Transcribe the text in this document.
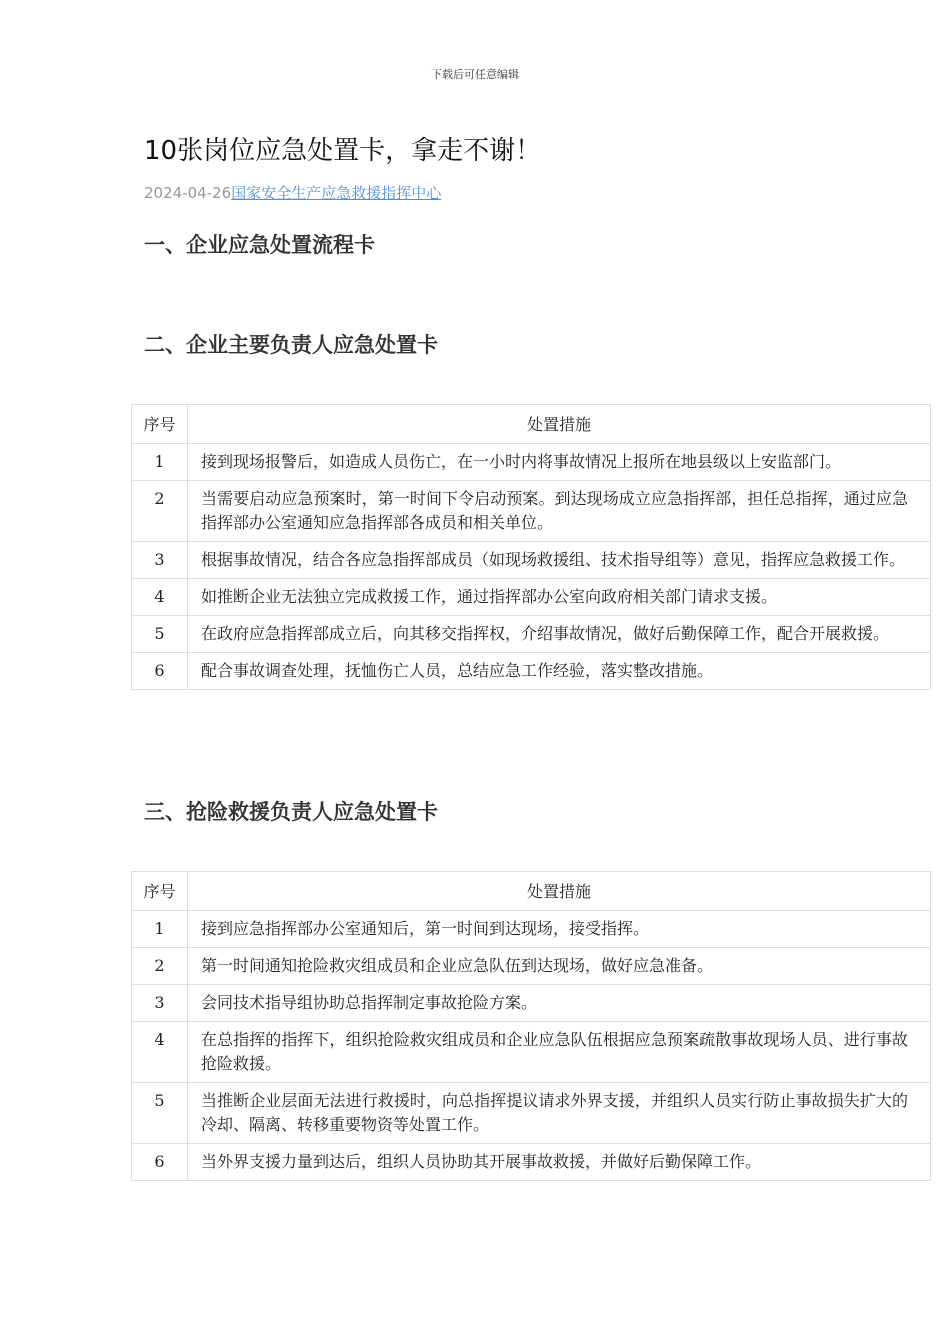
下载后可任意编辑
10张岗位应急处置卡，拿走不谢！
2024-04-26国家安全生产应急救援指挥中心
一、企业应急处置流程卡
二、企业主要负责人应急处置卡
序号	处置措施
1	接到现场报警后，如造成人员伤亡，在一小时内将事故情况上报所在地县级以上安监部门。
2	当需要启动应急预案时，第一时间下令启动预案。到达现场成立应急指挥部，担任总指挥，通过应急指挥部办公室通知应急指挥部各成员和相关单位。
3	根据事故情况，结合各应急指挥部成员（如现场救援组、技术指导组等）意见，指挥应急救援工作。
4	如推断企业无法独立完成救援工作，通过指挥部办公室向政府相关部门请求支援。
5	在政府应急指挥部成立后，向其移交指挥权，介绍事故情况，做好后勤保障工作，配合开展救援。
6	配合事故调查处理，抚恤伤亡人员，总结应急工作经验，落实整改措施。
三、抢险救援负责人应急处置卡
序号	处置措施
1	接到应急指挥部办公室通知后，第一时间到达现场，接受指挥。
2	第一时间通知抢险救灾组成员和企业应急队伍到达现场，做好应急准备。
3	会同技术指导组协助总指挥制定事故抢险方案。
4	在总指挥的指挥下，组织抢险救灾组成员和企业应急队伍根据应急预案疏散事故现场人员、进行事故抢险救援。
5	当推断企业层面无法进行救援时，向总指挥提议请求外界支援，并组织人员实行防止事故损失扩大的冷却、隔离、转移重要物资等处置工作。
6	当外界支援力量到达后，组织人员协助其开展事故救援，并做好后勤保障工作。
